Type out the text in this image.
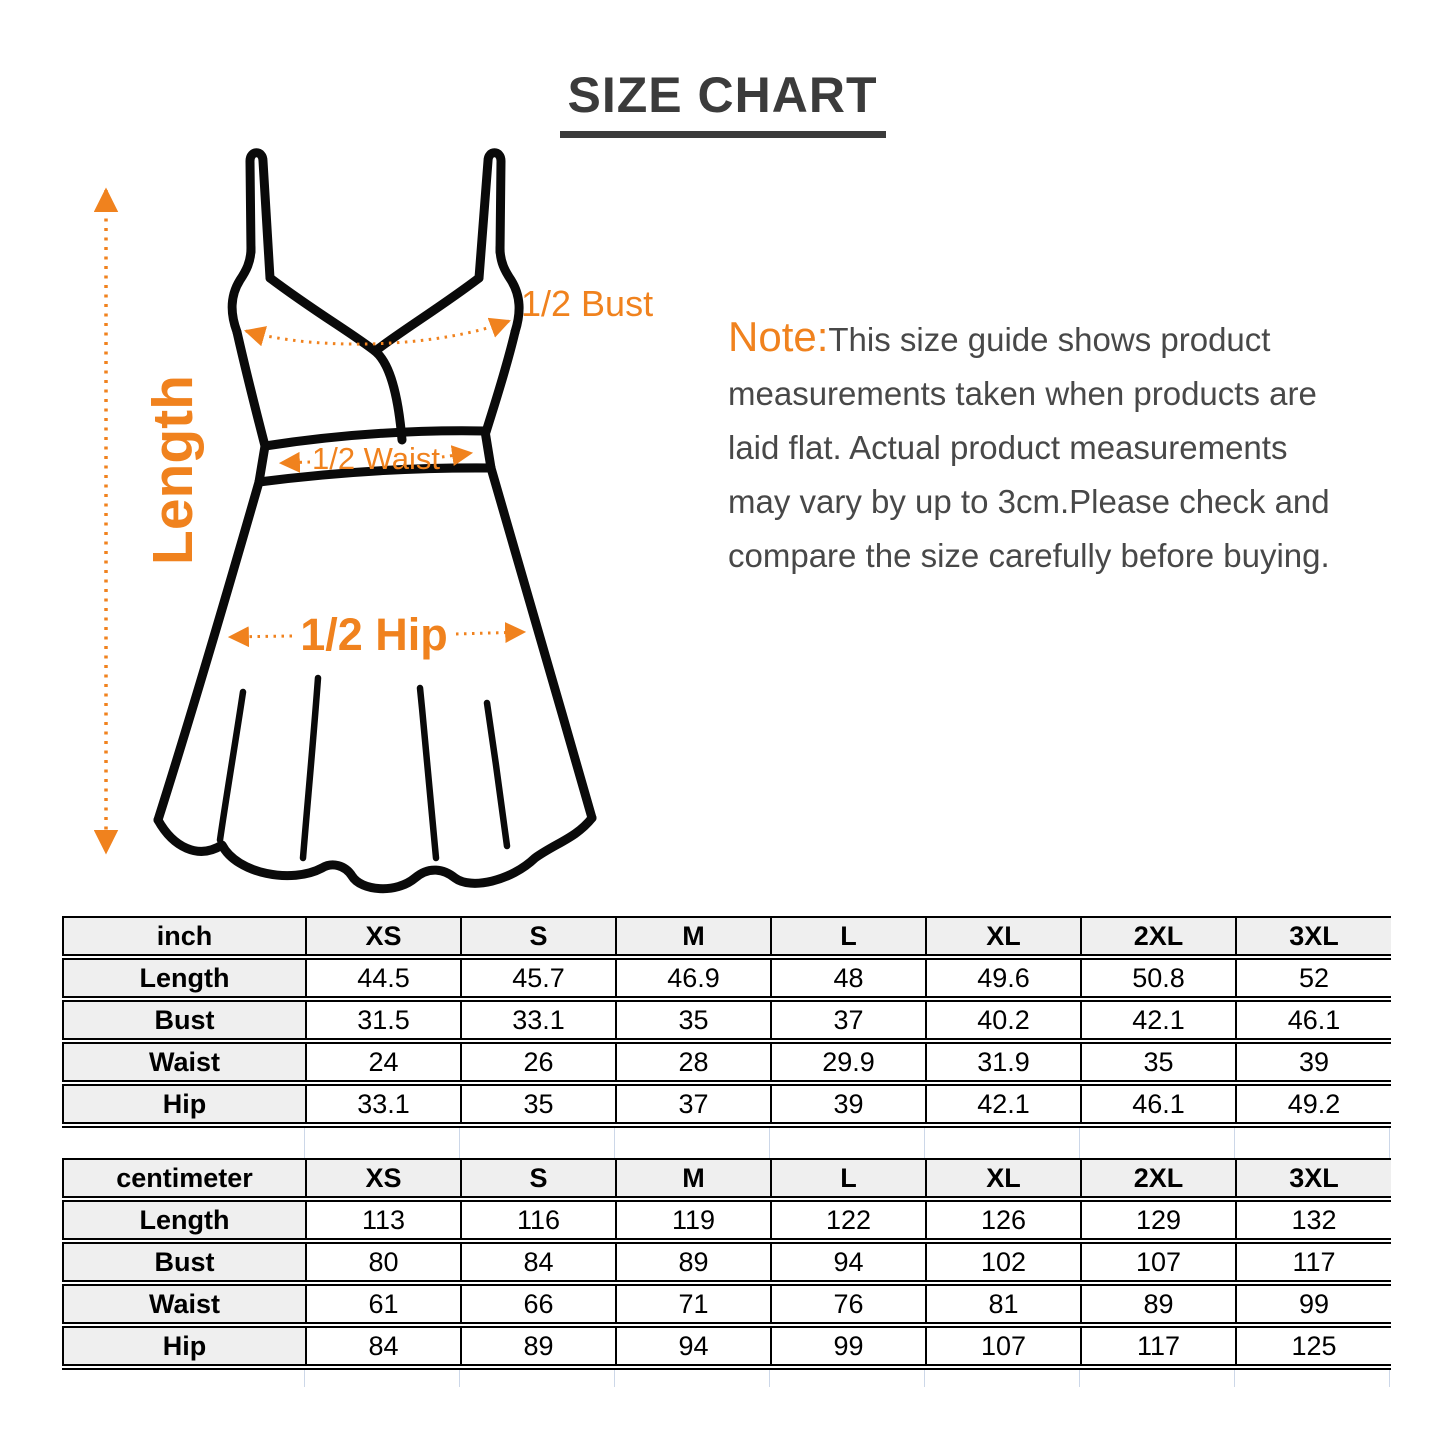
SIZE CHART
Length
1/2 Bust
1/2 Waist
1/2 Hip
Note:This size guide shows product
measurements taken when products are
laid flat. Actual product measurements
may vary by up to 3cm.Please check and
compare the size carefully before buying.
inch	XS	S	M	L	XL	2XL	3XL
Length	44.5	45.7	46.9	48	49.6	50.8	52
Bust	31.5	33.1	35	37	40.2	42.1	46.1
Waist	24	26	28	29.9	31.9	35	39
Hip	33.1	35	37	39	42.1	46.1	49.2
centimeter	XS	S	M	L	XL	2XL	3XL
Length	113	116	119	122	126	129	132
Bust	80	84	89	94	102	107	117
Waist	61	66	71	76	81	89	99
Hip	84	89	94	99	107	117	125
